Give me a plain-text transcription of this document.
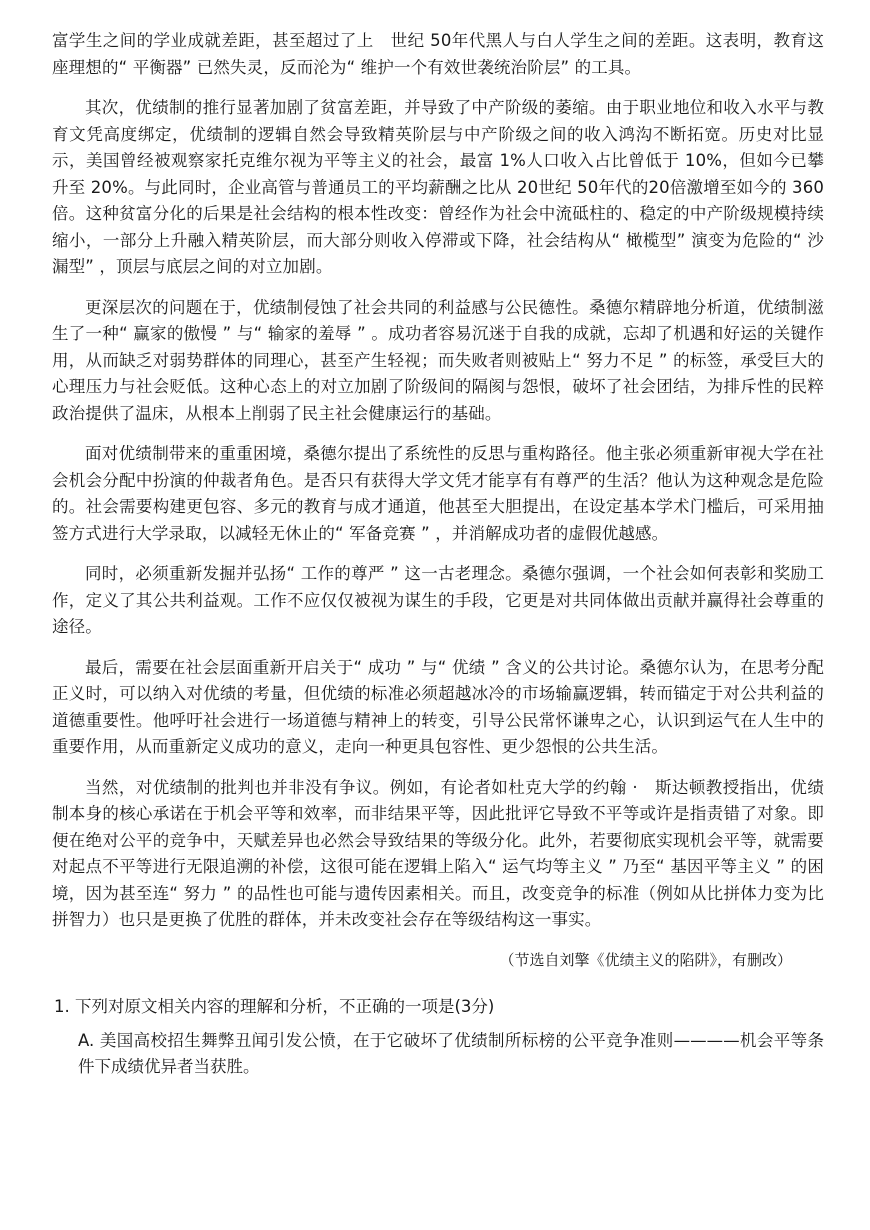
富学生之间的学业成就差距，甚至超过了上　世纪 50年代黑人与白人学生之间的差距。这表明，教育这座理想的“ 平衡器” 已然失灵，反而沦为“ 维护一个有效世袭统治阶层” 的工具。

其次，优绩制的推行显著加剧了贫富差距，并导致了中产阶级的萎缩。由于职业地位和收入水平与教育文凭高度绑定，优绩制的逻辑自然会导致精英阶层与中产阶级之间的收入鸿沟不断拓宽。历史对比显示，美国曾经被观察家托克维尔视为平等主义的社会，最富 1%人口收入占比曾低于 10%，但如今已攀升至 20%。与此同时，企业高管与普通员工的平均薪酬之比从 20世纪 50年代的20倍激增至如今的 360倍。这种贫富分化的后果是社会结构的根本性改变：曾经作为社会中流砥柱的、稳定的中产阶级规模持续缩小，一部分上升融入精英阶层，而大部分则收入停滞或下降，社会结构从“ 橄榄型” 演变为危险的“ 沙漏型” ，顶层与底层之间的对立加剧。

更深层次的问题在于，优绩制侵蚀了社会共同的利益感与公民德性。桑德尔精辟地分析道，优绩制滋生了一种“ 赢家的傲慢 ” 与“ 输家的羞辱 ” 。成功者容易沉迷于自我的成就，忘却了机遇和好运的关键作用，从而缺乏对弱势群体的同理心，甚至产生轻视；而失败者则被贴上“ 努力不足 ” 的标签，承受巨大的心理压力与社会贬低。这种心态上的对立加剧了阶级间的隔阂与怨恨，破坏了社会团结，为排斥性的民粹政治提供了温床，从根本上削弱了民主社会健康运行的基础。

面对优绩制带来的重重困境，桑德尔提出了系统性的反思与重构路径。他主张必须重新审视大学在社会机会分配中扮演的仲裁者角色。是否只有获得大学文凭才能享有有尊严的生活？他认为这种观念是危险的。社会需要构建更包容、多元的教育与成才通道，他甚至大胆提出，在设定基本学术门槛后，可采用抽签方式进行大学录取，以减轻无休止的“ 军备竞赛 ” ，并消解成功者的虚假优越感。

同时，必须重新发掘并弘扬“ 工作的尊严 ” 这一古老理念。桑德尔强调，一个社会如何表彰和奖励工作，定义了其公共利益观。工作不应仅仅被视为谋生的手段，它更是对共同体做出贡献并赢得社会尊重的途径。

最后，需要在社会层面重新开启关于“ 成功 ” 与“ 优绩 ” 含义的公共讨论。桑德尔认为，在思考分配正义时，可以纳入对优绩的考量，但优绩的标准必须超越冰冷的市场输赢逻辑，转而锚定于对公共利益的道德重要性。他呼吁社会进行一场道德与精神上的转变，引导公民常怀谦卑之心，认识到运气在人生中的重要作用，从而重新定义成功的意义，走向一种更具包容性、更少怨恨的公共生活。

当然，对优绩制的批判也并非没有争议。例如，有论者如杜克大学的约翰 ·　斯达顿教授指出，优绩制本身的核心承诺在于机会平等和效率，而非结果平等，因此批评它导致不平等或许是指责错了对象。即便在绝对公平的竞争中，天赋差异也必然会导致结果的等级分化。此外，若要彻底实现机会平等，就需要对起点不平等进行无限追溯的补偿，这很可能在逻辑上陷入“ 运气均等主义 ” 乃至“ 基因平等主义 ” 的困境，因为甚至连“ 努力 ” 的品性也可能与遗传因素相关。而且，改变竞争的标准（例如从比拼体力变为比拼智力）也只是更换了优胜的群体，并未改变社会存在等级结构这一事实。

（节选自刘擎《优绩主义的陷阱》，有删改）

1. 下列对原文相关内容的理解和分析，不正确的一项是(3分)

A. 美国高校招生舞弊丑闻引发公愤，在于它破坏了优绩制所标榜的公平竞争准则————机会平等条件下成绩优异者当获胜。
